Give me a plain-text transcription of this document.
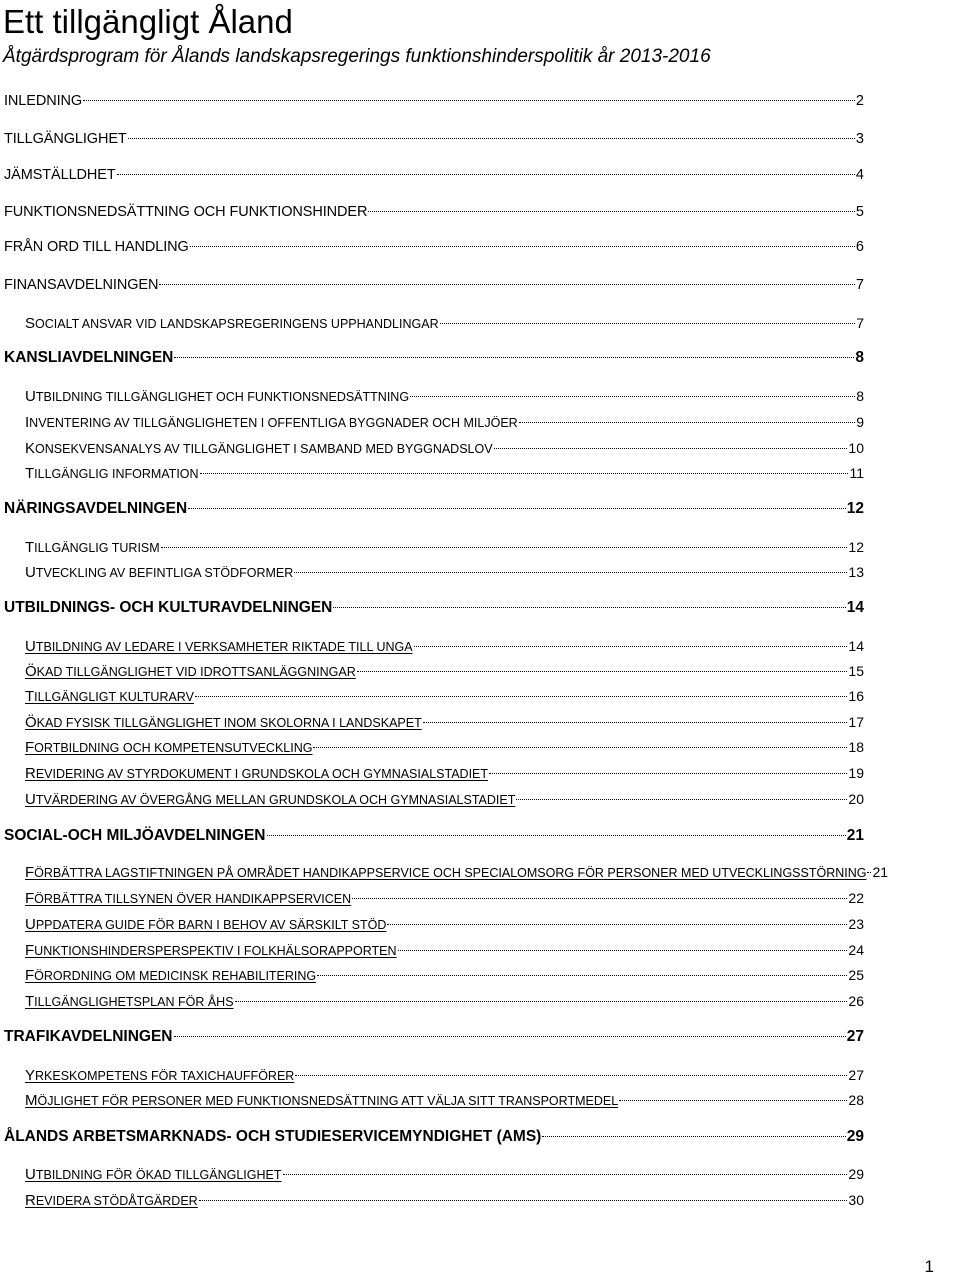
Ett tillgängligt Åland
Åtgärdsprogram för Ålands landskapsregerings funktionshinderspolitik år 2013-2016
INLEDNING	2
TILLGÄNGLIGHET	3
JÄMSTÄLLDHET	4
FUNKTIONSNEDSÄTTNING OCH FUNKTIONSHINDER	5
FRÅN ORD TILL HANDLING	6
FINANSAVDELNINGEN	7
SOCIALT ANSVAR VID LANDSKAPSREGERINGENS UPPHANDLINGAR	7
KANSLIAVDELNINGEN	8
UTBILDNING TILLGÄNGLIGHET OCH FUNKTIONSNEDSÄTTNING	8
INVENTERING AV TILLGÄNGLIGHETEN I OFFENTLIGA BYGGNADER OCH MILJÖER	9
KONSEKVENSANALYS AV TILLGÄNGLIGHET I SAMBAND MED BYGGNADSLOV	10
TILLGÄNGLIG INFORMATION	11
NÄRINGSAVDELNINGEN	12
TILLGÄNGLIG TURISM	12
UTVECKLING AV BEFINTLIGA STÖDFORMER	13
UTBILDNINGS- OCH KULTURAVDELNINGEN	14
UTBILDNING AV LEDARE I VERKSAMHETER RIKTADE TILL UNGA	14
ÖKAD TILLGÄNGLIGHET VID IDROTTSANLÄGGNINGAR	15
TILLGÄNGLIGT KULTURARV	16
ÖKAD FYSISK TILLGÄNGLIGHET INOM SKOLORNA I LANDSKAPET	17
FORTBILDNING OCH KOMPETENSUTVECKLING	18
REVIDERING AV STYRDOKUMENT I GRUNDSKOLA OCH GYMNASIALSTADIET	19
UTVÄRDERING AV ÖVERGÅNG MELLAN GRUNDSKOLA OCH GYMNASIALSTADIET	20
SOCIAL-OCH MILJÖAVDELNINGEN	21
FÖRBÄTTRA LAGSTIFTNINGEN PÅ OMRÅDET HANDIKAPPSERVICE OCH SPECIALOMSORG FÖR PERSONER MED UTVECKLINGSSTÖRNING 21
FÖRBÄTTRA TILLSYNEN ÖVER HANDIKAPPSERVICEN	22
UPPDATERA GUIDE FÖR BARN I BEHOV AV SÄRSKILT STÖD	23
FUNKTIONSHINDERSPERSPEKTIV I FOLKHÄLSORAPPORTEN	24
FÖRORDNING OM MEDICINSK REHABILITERING	25
TILLGÄNGLIGHETSPLAN FÖR ÅHS	26
TRAFIKAVDELNINGEN	27
YRKESKOMPETENS FÖR TAXICHAUFFÖRER	27
MÖJLIGHET FÖR PERSONER MED FUNKTIONSNEDSÄTTNING ATT VÄLJA SITT TRANSPORTMEDEL	28
ÅLANDS ARBETSMARKNADS- OCH STUDIESERVICEMYNDIGHET (AMS)	29
UTBILDNING FÖR ÖKAD TILLGÄNGLIGHET	29
REVIDERA STÖDÅTGÄRDER	30
1
